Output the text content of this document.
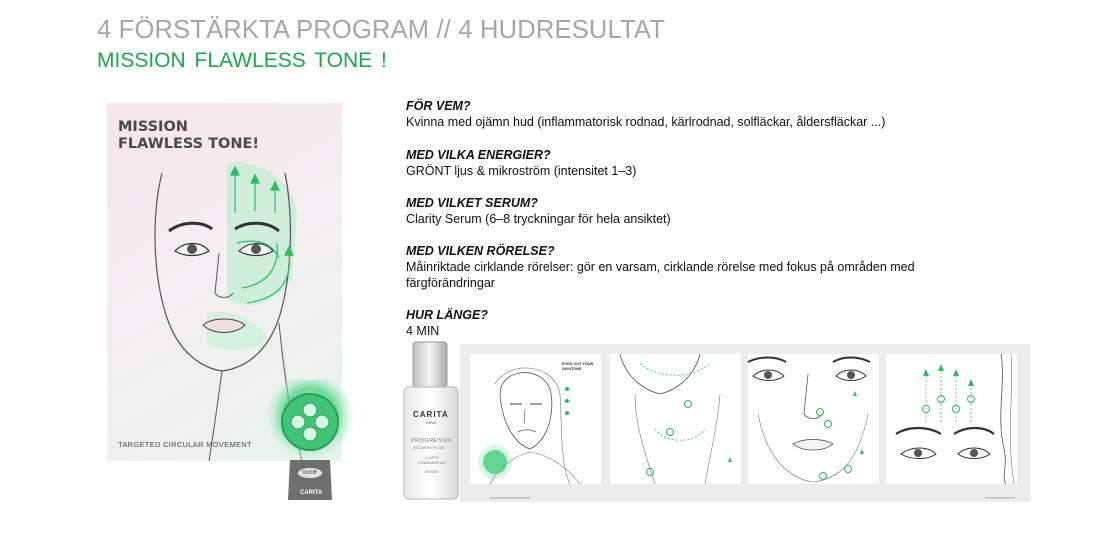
4 FÖRSTÄRKTA PROGRAM // 4 HUDRESULTAT
MISSION FLAWLESS TONE !
MISSION
FLAWLESS TONE!
TARGETED CIRCULAR MOVEMENT
On/Off
CARITA
FÖR VEM?
Kvinna med ojämn hud (inflammatorisk rodnad, kärlrodnad, solfläckar, åldersfläckar ...)
MED VILKA ENERGIER?
GRÖNT ljus & mikroström (intensitet 1–3)
MED VILKET SERUM?
Clarity Serum (6–8 tryckningar för hela ansiktet)
MED VILKEN RÖRELSE?
Måinriktade cirklande rörelser: gör en varsam, cirklande rörelse med fokus på områden med färgförändringar
HUR LÄNGE?
4 MIN
CARITA
PARIS
PROGRESSIF
NEOMORPHOSE
CLARTÉ
FONDAMENTALE
SÉRUM
EVEN OUT YOUR SKINTONE
